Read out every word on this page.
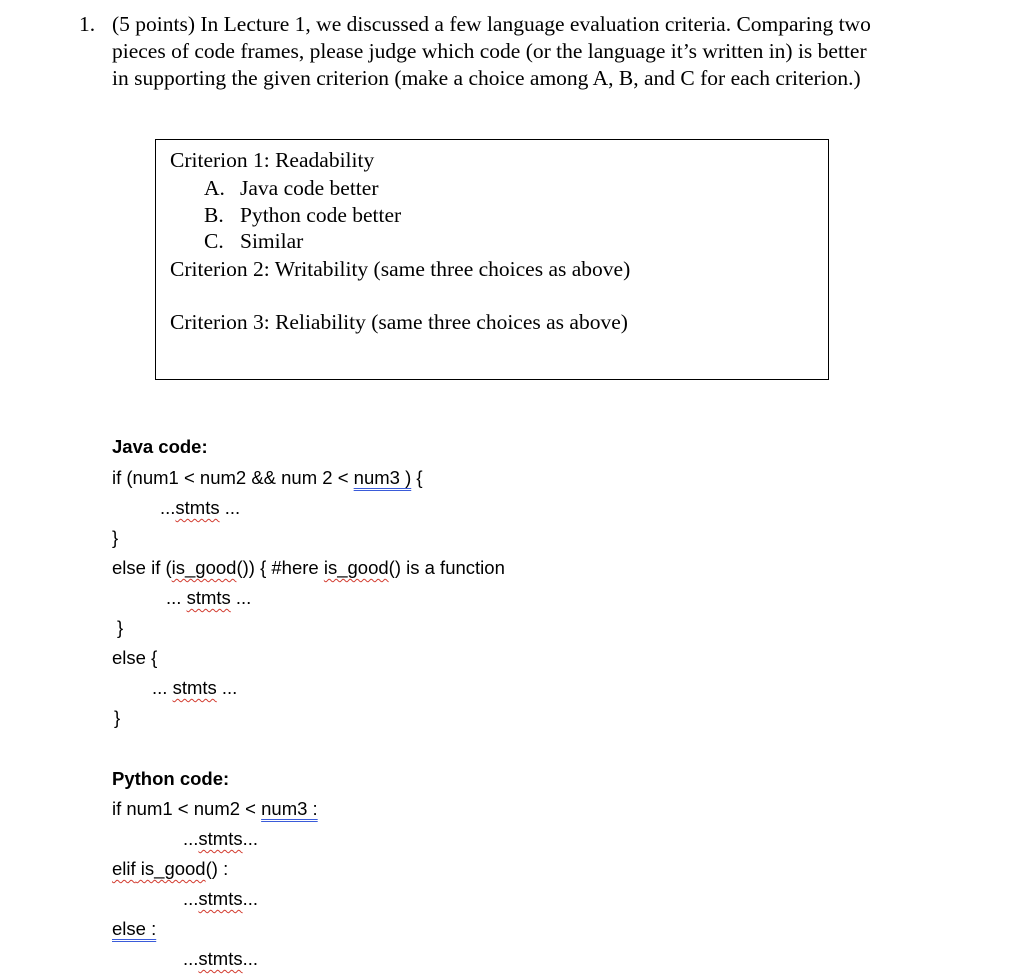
1. (5 points) In Lecture 1, we discussed a few language evaluation criteria. Comparing two
pieces of code frames, please judge which code (or the language it’s written in) is better
in supporting the given criterion (make a choice among A, B, and C for each criterion.)
Criterion 1: Readability
A. Java code better
B. Python code better
C. Similar
Criterion 2: Writability (same three choices as above)
Criterion 3: Reliability (same three choices as above)
Java code:
if (num1 < num2 && num 2 < num3 ) {
...stmts ...
}
else if (is_good()) { #here is_good() is a function
... stmts ...
}
else {
... stmts ...
}
Python code:
if num1 < num2 < num3 :
...stmts...
elif is_good() :
...stmts...
else :
...stmts...
